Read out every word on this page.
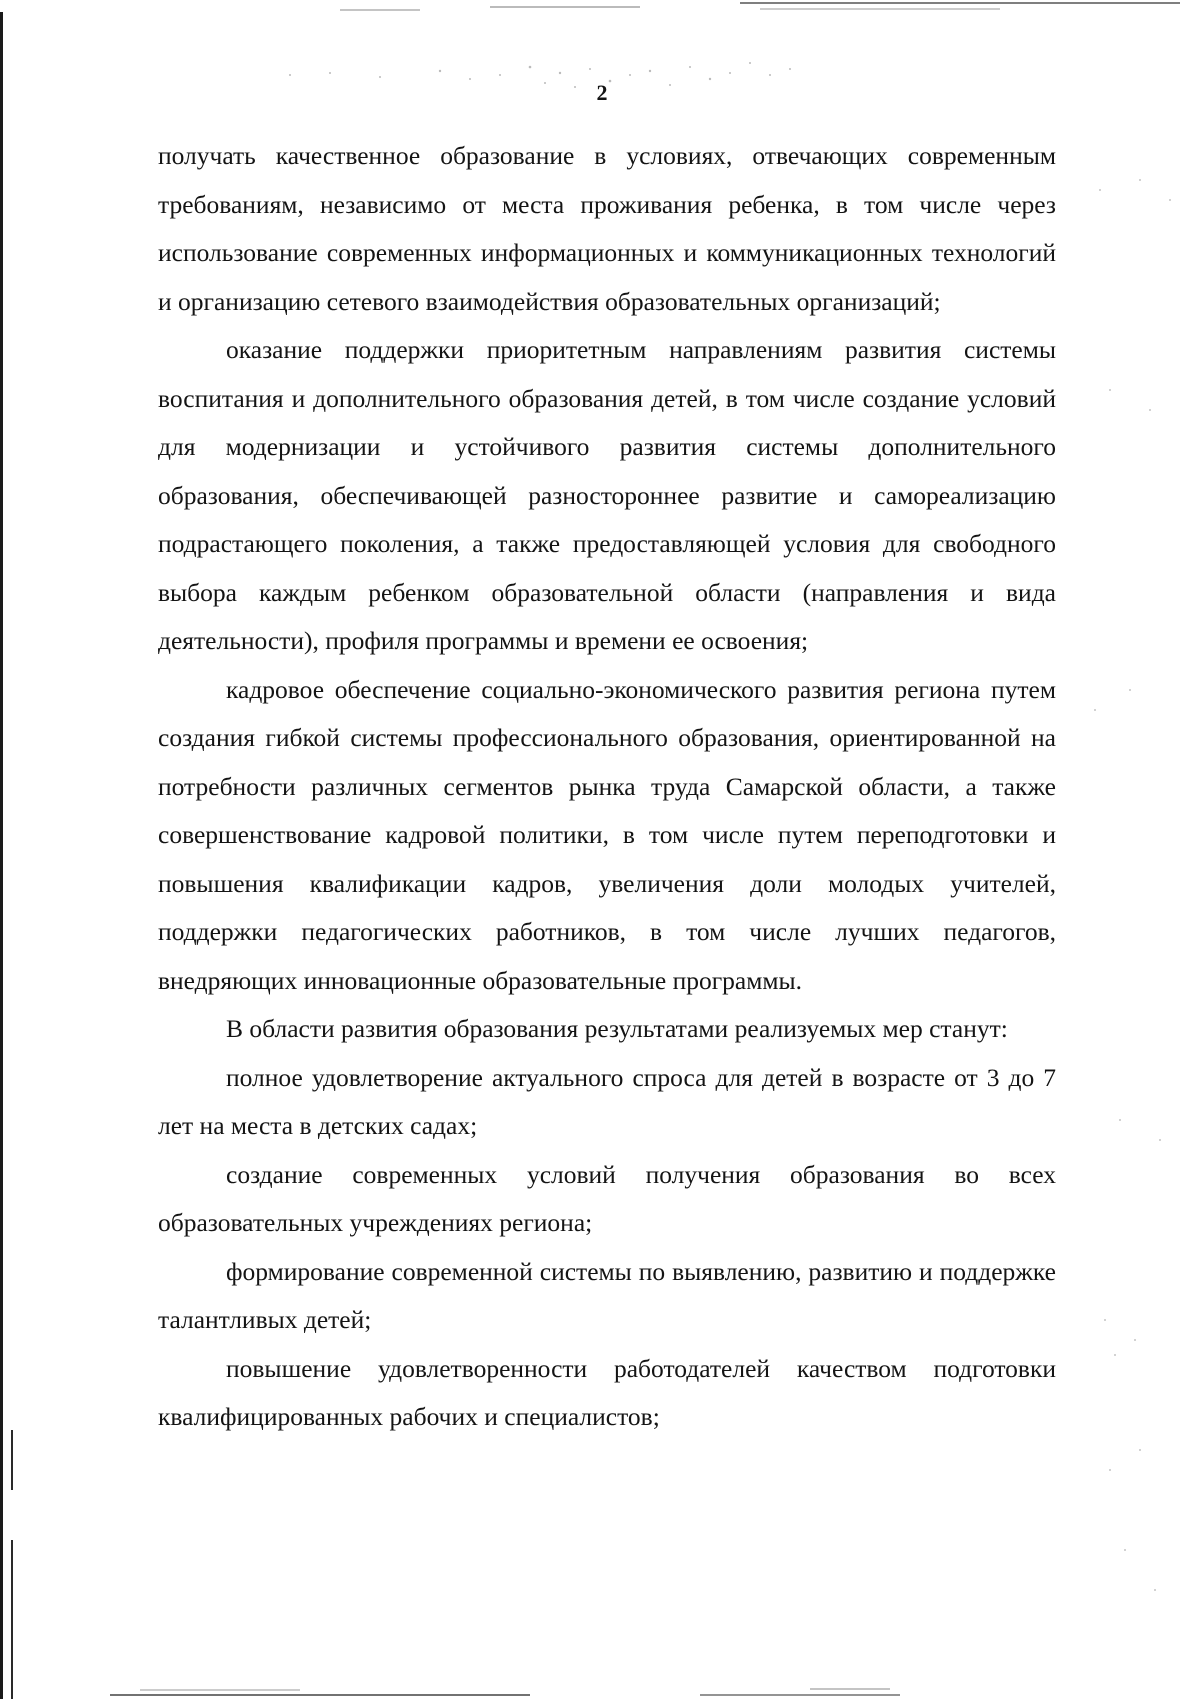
2

получать качественное образование в условиях, отвечающих современным требованиям, независимо от места проживания ребенка, в том числе через использование современных информационных и коммуникационных технологий и организацию сетевого взаимодействия образовательных организаций;

оказание поддержки приоритетным направлениям развития системы воспитания и дополнительного образования детей, в том числе создание условий для модернизации и устойчивого развития системы дополнительного образования, обеспечивающей разностороннее развитие и самореализацию подрастающего поколения, а также предоставляющей условия для свободного выбора каждым ребенком образовательной области (направления и вида деятельности), профиля программы и времени ее освоения;

кадровое обеспечение социально-экономического развития региона путем создания гибкой системы профессионального образования, ориентированной на потребности различных сегментов рынка труда Самарской области, а также совершенствование кадровой политики, в том числе путем переподготовки и повышения квалификации кадров, увеличения доли молодых учителей, поддержки педагогических работников, в том числе лучших педагогов, внедряющих инновационные образовательные программы.

В области развития образования результатами реализуемых мер станут:

полное удовлетворение актуального спроса для детей в возрасте от 3 до 7 лет на места в детских садах;

создание современных условий получения образования во всех образовательных учреждениях региона;

формирование современной системы по выявлению, развитию и поддержке талантливых детей;

повышение удовлетворенности работодателей качеством подготовки квалифицированных рабочих и специалистов;
